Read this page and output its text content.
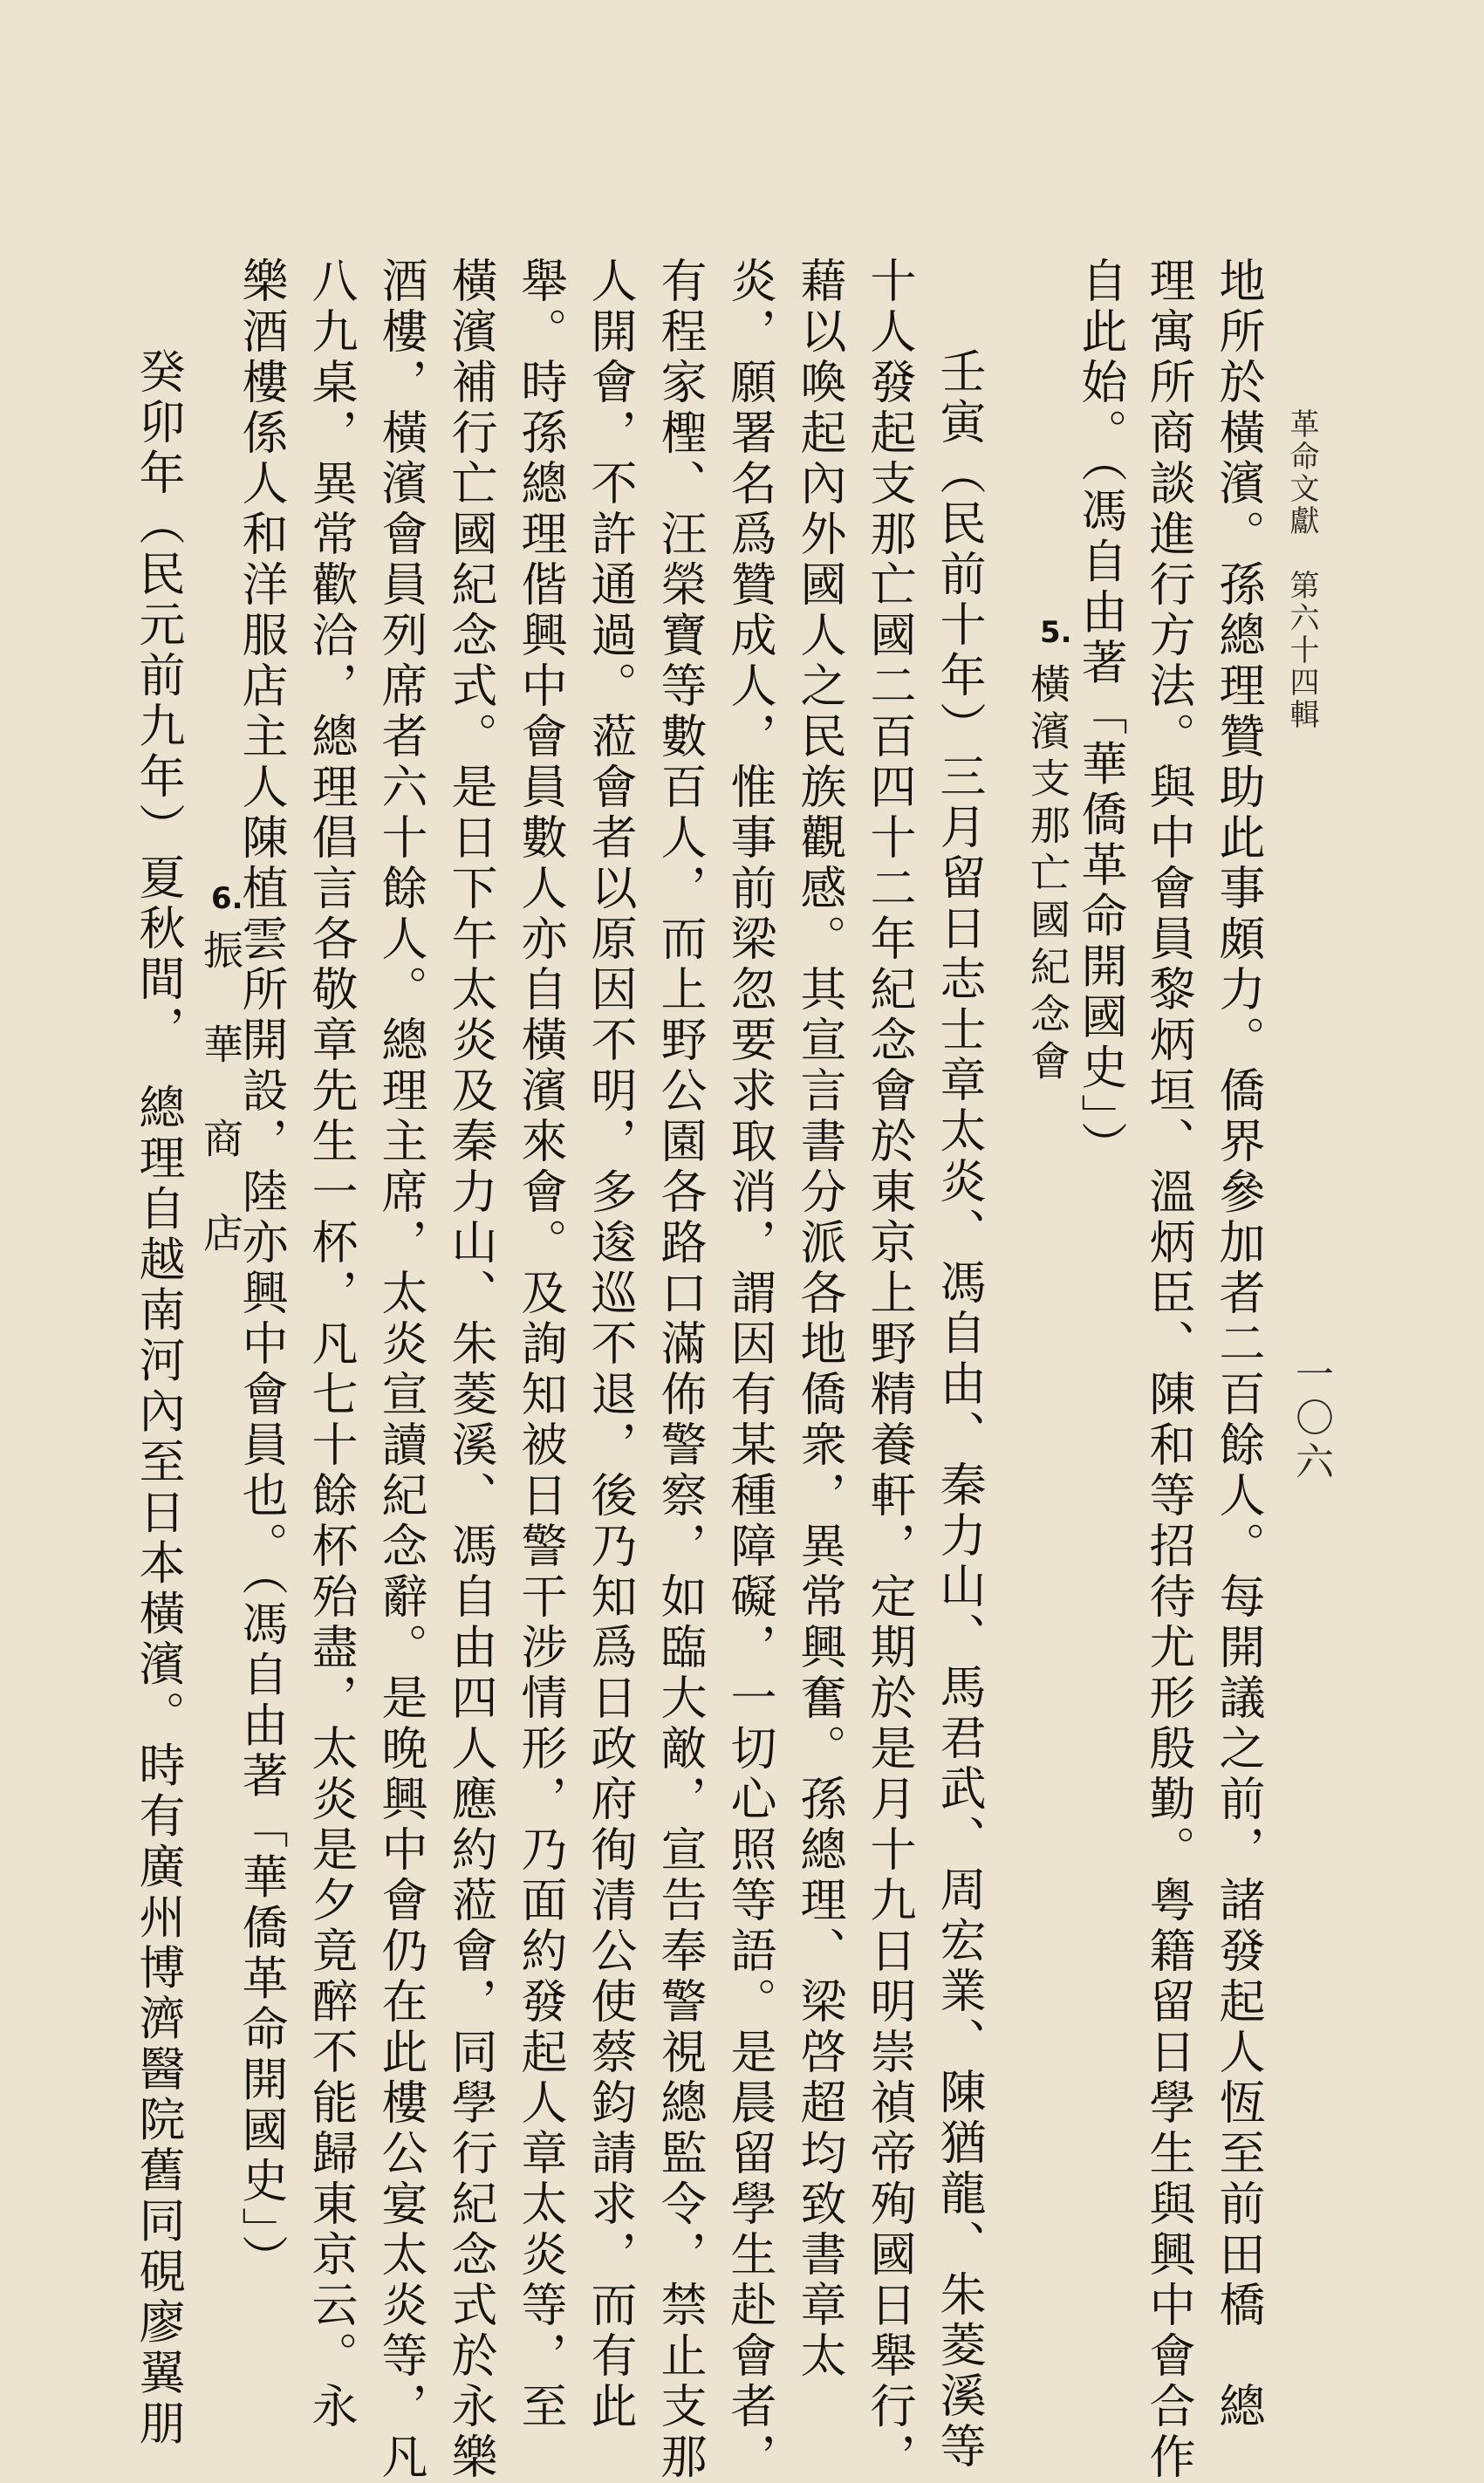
革命文獻　第六十四輯
一〇六
地所於橫濱。孫總理贊助此事頗力。僑界參加者二百餘人。每開議之前，諸發起人恆至前田橋　總
理寓所商談進行方法。與中會員黎炳垣、溫炳臣、陳和等招待尤形殷勤。粤籍留日學生與興中會合作
自此始。（馮自由著「華僑革命開國史」）
5.
橫濱支那亡國紀念會
壬寅（民前十年）三月留日志士章太炎、馮自由、秦力山、馬君武、周宏業、陳猶龍、朱菱溪等
十人發起支那亡國二百四十二年紀念會於東京上野精養軒，定期於是月十九日明崇禎帝殉國日舉行，
藉以喚起內外國人之民族觀感。其宣言書分派各地僑衆，異常興奮。孫總理、梁啓超均致書章太
炎，願署名爲贊成人，惟事前梁忽要求取消，謂因有某種障礙，一切心照等語。是晨留學生赴會者，
有程家檉、汪榮寶等數百人，而上野公園各路口滿佈警察，如臨大敵，宣告奉警視總監令，禁止支那
人開會，不許通過。蒞會者以原因不明，多逡巡不退，後乃知爲日政府徇清公使蔡鈞請求，而有此
舉。時孫總理偕興中會員數人亦自橫濱來會。及詢知被日警干涉情形，乃面約發起人章太炎等，至
橫濱補行亡國紀念式。是日下午太炎及秦力山、朱菱溪、馮自由四人應約蒞會，同學行紀念式於永樂
酒樓，橫濱會員列席者六十餘人。總理主席，太炎宣讀紀念辭。是晚興中會仍在此樓公宴太炎等，凡
八九桌，異常歡洽，總理倡言各敬章先生一杯，凡七十餘杯殆盡，太炎是夕竟醉不能歸東京云。永
樂酒樓係人和洋服店主人陳植雲所開設，陸亦興中會員也。（馮自由著「華僑革命開國史」）
6.
振　華　商　店
癸卯年（民元前九年）夏秋間，　總理自越南河內至日本橫濱。時有廣州博濟醫院舊同硯廖翼朋
